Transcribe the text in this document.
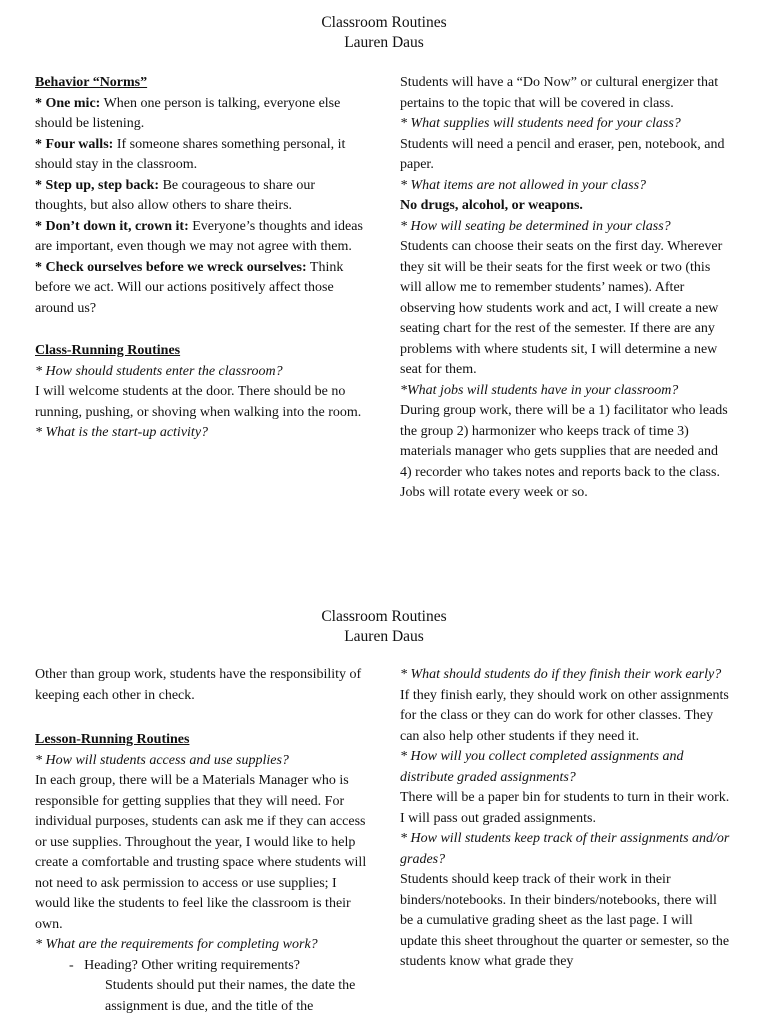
Classroom Routines
Lauren Daus

Behavior “Norms”

* One mic: When one person is talking, everyone else should be listening.

* Four walls: If someone shares something personal, it should stay in the classroom.

* Step up, step back: Be courageous to share our thoughts, but also allow others to share theirs.

* Don’t down it, crown it: Everyone’s thoughts and ideas are important, even though we may not agree with them.

* Check ourselves before we wreck ourselves: Think before we act. Will our actions positively affect those around us?

Class-Running Routines

* How should students enter the classroom?

I will welcome students at the door. There should be no running, pushing, or shoving when walking into the room.

* What is the start-up activity?

Students will have a “Do Now” or cultural energizer that pertains to the topic that will be covered in class.

* What supplies will students need for your class?

Students will need a pencil and eraser, pen, notebook, and paper.

* What items are not allowed in your class?

No drugs, alcohol, or weapons.

* How will seating be determined in your class?

Students can choose their seats on the first day. Wherever they sit will be their seats for the first week or two (this will allow me to remember students’ names). After observing how students work and act, I will create a new seating chart for the rest of the semester. If there are any problems with where students sit, I will determine a new seat for them.

*What jobs will students have in your classroom?

During group work, there will be a 1) facilitator who leads the group 2) harmonizer who keeps track of time 3) materials manager who gets supplies that are needed and 4) recorder who takes notes and reports back to the class. Jobs will rotate every week or so.

Classroom Routines
Lauren Daus

Other than group work, students have the responsibility of keeping each other in check.

Lesson-Running Routines

* How will students access and use supplies?

In each group, there will be a Materials Manager who is responsible for getting supplies that they will need. For individual purposes, students can ask me if they can access or use supplies. Throughout the year, I would like to help create a comfortable and trusting space where students will not need to ask permission to access or use supplies; I would like the students to feel like the classroom is their own.

* What are the requirements for completing work?

-   Heading? Other writing requirements?

Students should put their names, the date the assignment is due, and the title of the

* What should students do if they finish their work early?

If they finish early, they should work on other assignments for the class or they can do work for other classes. They can also help other students if they need it.

* How will you collect completed assignments and distribute graded assignments?

There will be a paper bin for students to turn in their work. I will pass out graded assignments.

* How will students keep track of their assignments and/or grades?

Students should keep track of their work in their binders/notebooks. In their binders/notebooks, there will be a cumulative grading sheet as the last page. I will update this sheet throughout the quarter or semester, so the students know what grade they
